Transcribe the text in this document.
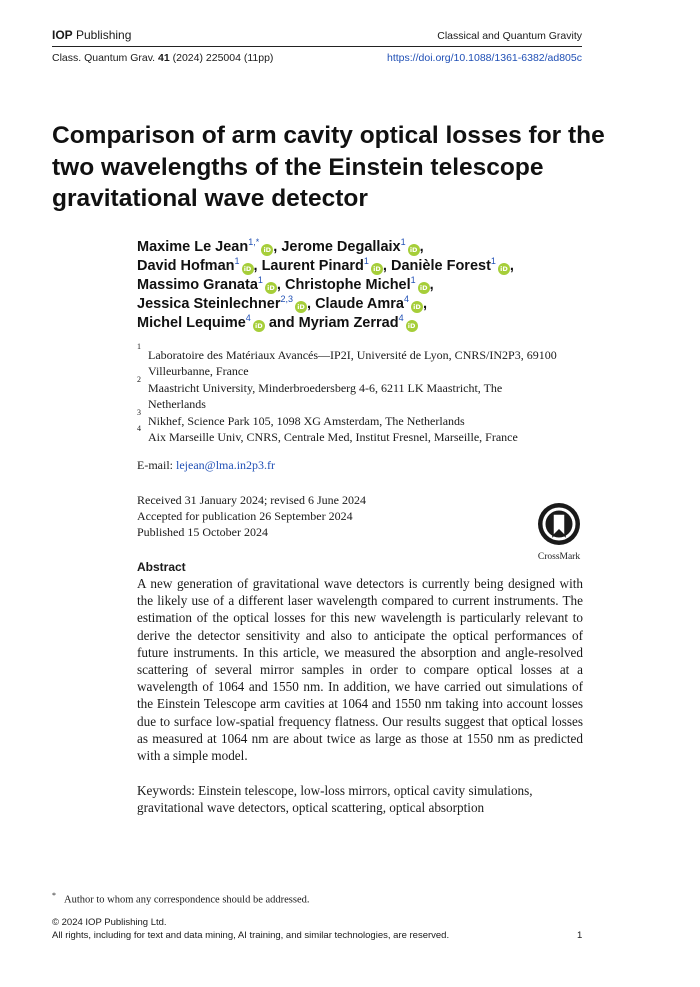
IOP Publishing	Classical and Quantum Gravity
Class. Quantum Grav. 41 (2024) 225004 (11pp)	https://doi.org/10.1088/1361-6382/ad805c
Comparison of arm cavity optical losses for the two wavelengths of the Einstein telescope gravitational wave detector
Maxime Le Jean$^{1,*}$iD , Jerome Degallaix$^1$iD ,
David Hofman$^1$iD , Laurent Pinard$^1$iD , Danièle Forest$^1$iD ,
Massimo Granata$^1$iD , Christophe Michel$^1$iD ,
Jessica Steinlechner$^{2,3}$iD , Claude Amra$^4$iD ,
Michel Lequime$^4$iD and Myriam Zerrad$^4$iD
1
Laboratoire des Matériaux Avancés—IP2I, Université de Lyon, CNRS/IN2P3, 69100 Villeurbanne, France
2
Maastricht University, Minderbroedersberg 4-6, 6211 LK Maastricht, The Netherlands
3
Nikhef, Science Park 105, 1098 XG Amsterdam, The Netherlands
4
Aix Marseille Univ, CNRS, Centrale Med, Institut Fresnel, Marseille, France
E-mail: lejean@lma.in2p3.fr
Received 31 January 2024; revised 6 June 2024
Accepted for publication 26 September 2024
Published 15 October 2024
CrossMark
Abstract

A new generation of gravitational wave detectors is currently being designed with the likely use of a different laser wavelength compared to current instruments. The estimation of the optical losses for this new wavelength is particularly relevant to derive the detector sensitivity and also to anticipate the optical performances of future instruments. In this article, we measured the absorption and angle-resolved scattering of several mirror samples in order to compare optical losses at a wavelength of 1064 and 1550 nm. In addition, we have carried out simulations of the Einstein Telescope arm cavities at 1064 and 1550 nm taking into account losses due to surface low-spatial frequency flatness. Our results suggest that optical losses as measured at 1064 nm are about twice as large as those at 1550 nm as predicted with a simple model.

Keywords: Einstein telescope, low-loss mirrors, optical cavity simulations, gravitational wave detectors, optical scattering, optical absorption
* Author to whom any correspondence should be addressed.
© 2024 IOP Publishing Ltd.
All rights, including for text and data mining, AI training, and similar technologies, are reserved.	1
